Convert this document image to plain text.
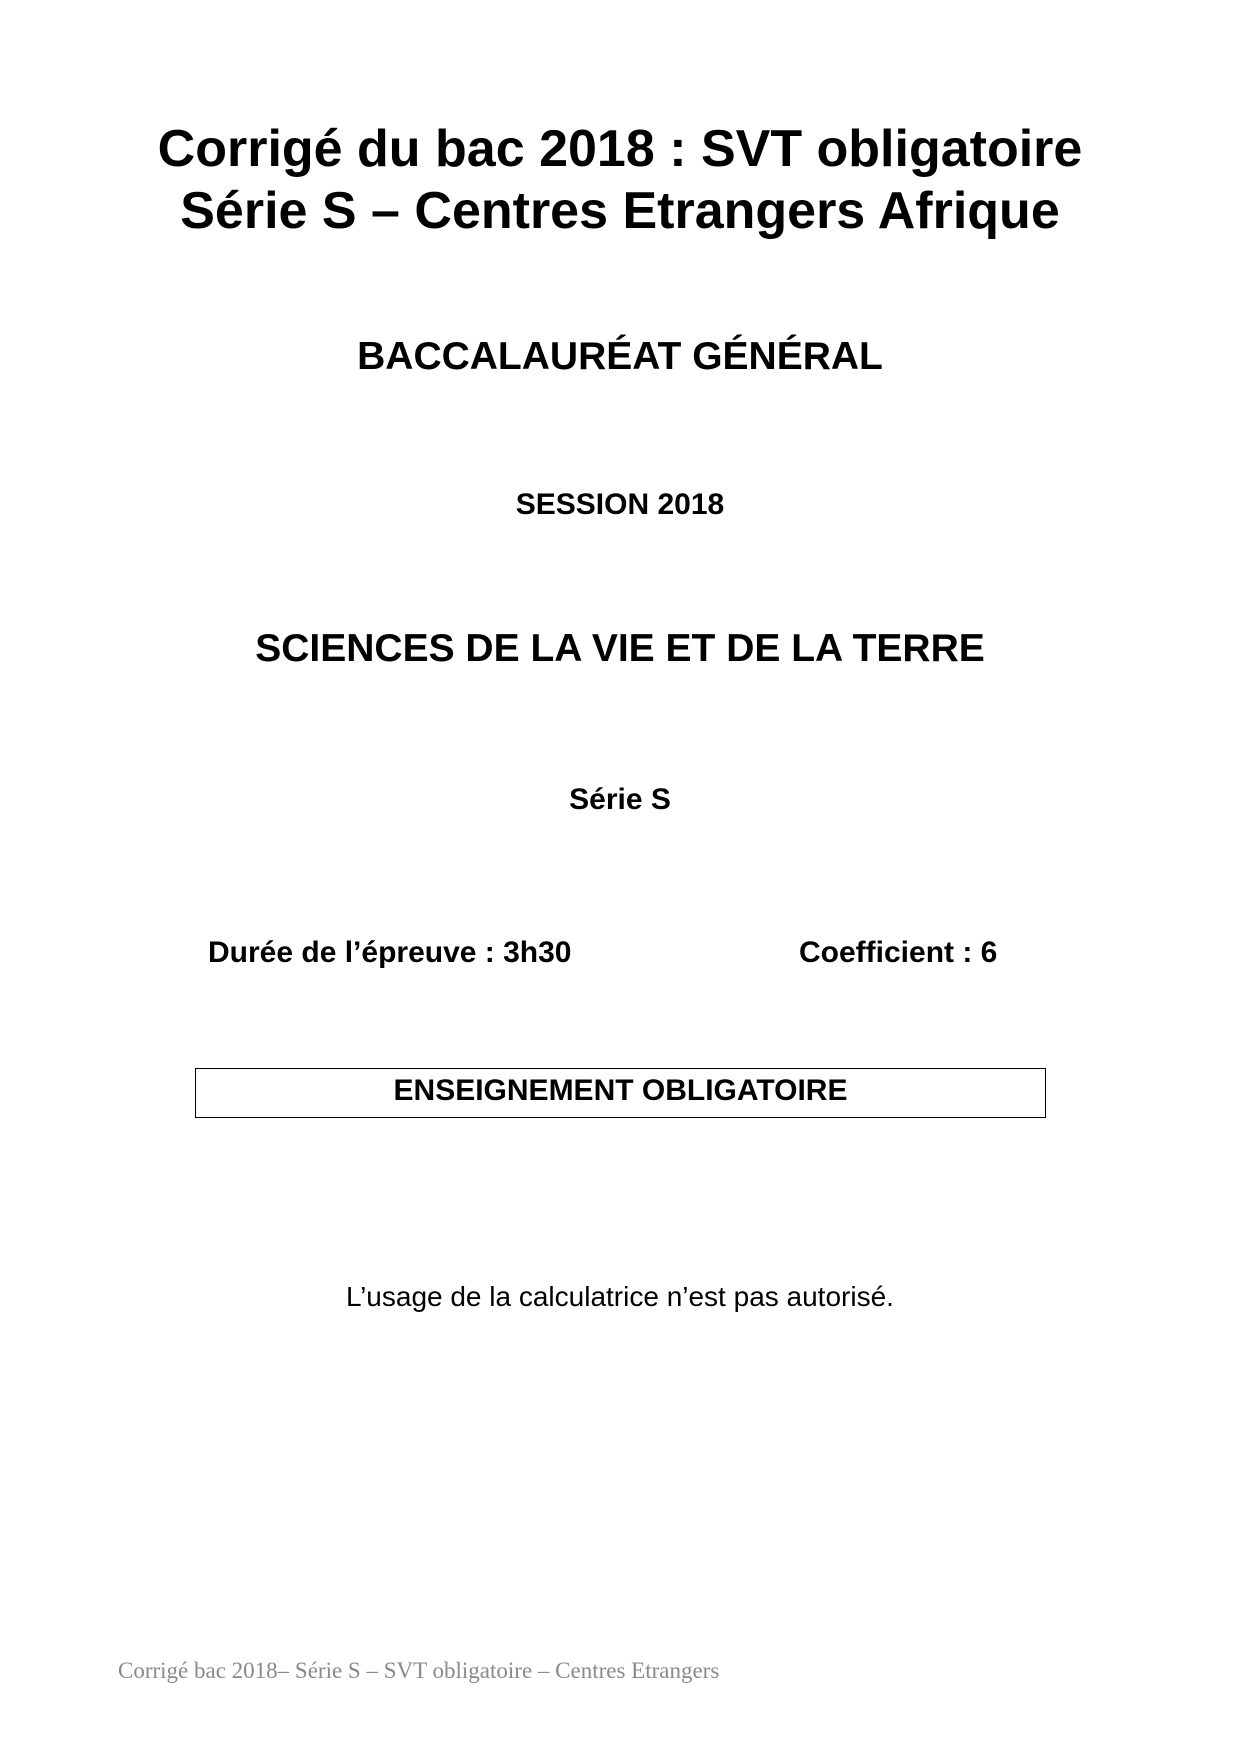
Corrigé du bac 2018 : SVT obligatoire
Série S – Centres Etrangers Afrique
BACCALAURÉAT GÉNÉRAL
SESSION 2018
SCIENCES DE LA VIE ET DE LA TERRE
Série S
Durée de l’épreuve : 3h30	Coefficient : 6
ENSEIGNEMENT OBLIGATOIRE
L’usage de la calculatrice n’est pas autorisé.
Corrigé bac 2018– Série S – SVT obligatoire – Centres Etrangers
